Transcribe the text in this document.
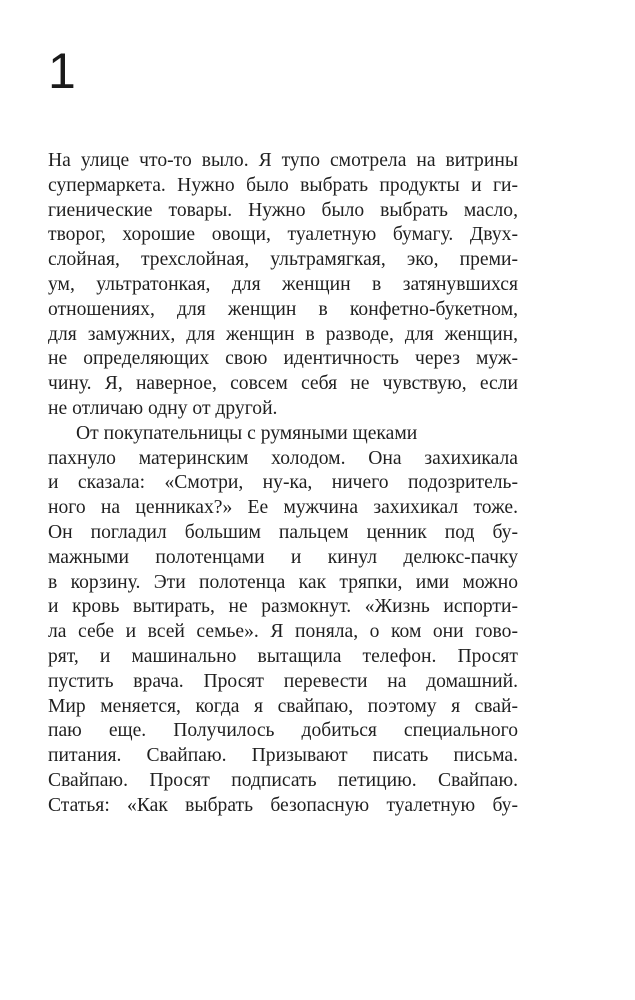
1
На улице что-то выло. Я тупо смотрела на витрины
супермаркета. Нужно было выбрать продукты и ги-
гиенические товары. Нужно было выбрать масло,
творог, хорошие овощи, туалетную бумагу. Двух-
слойная, трехслойная, ультрамягкая, эко, преми-
ум, ультратонкая, для женщин в затянувшихся
отношениях, для женщин в конфетно-букетном,
для замужних, для женщин в разводе, для женщин,
не определяющих свою идентичность через муж-
чину. Я, наверное, совсем себя не чувствую, если
не отличаю одну от другой.
От покупательницы с румяными щеками
пахнуло материнским холодом. Она захихикала
и сказала: «Смотри, ну-ка, ничего подозритель-
ного на ценниках?» Ее мужчина захихикал тоже.
Он погладил большим пальцем ценник под бу-
мажными полотенцами и кинул делюкс-пачку
в корзину. Эти полотенца как тряпки, ими можно
и кровь вытирать, не размокнут. «Жизнь испорти-
ла себе и всей семье». Я поняла, о ком они гово-
рят, и машинально вытащила телефон. Просят
пустить врача. Просят перевести на домашний.
Мир меняется, когда я свайпаю, поэтому я свай-
паю еще. Получилось добиться специального
питания. Свайпаю. Призывают писать письма.
Свайпаю. Просят подписать петицию. Свайпаю.
Статья: «Как выбрать безопасную туалетную бу-
